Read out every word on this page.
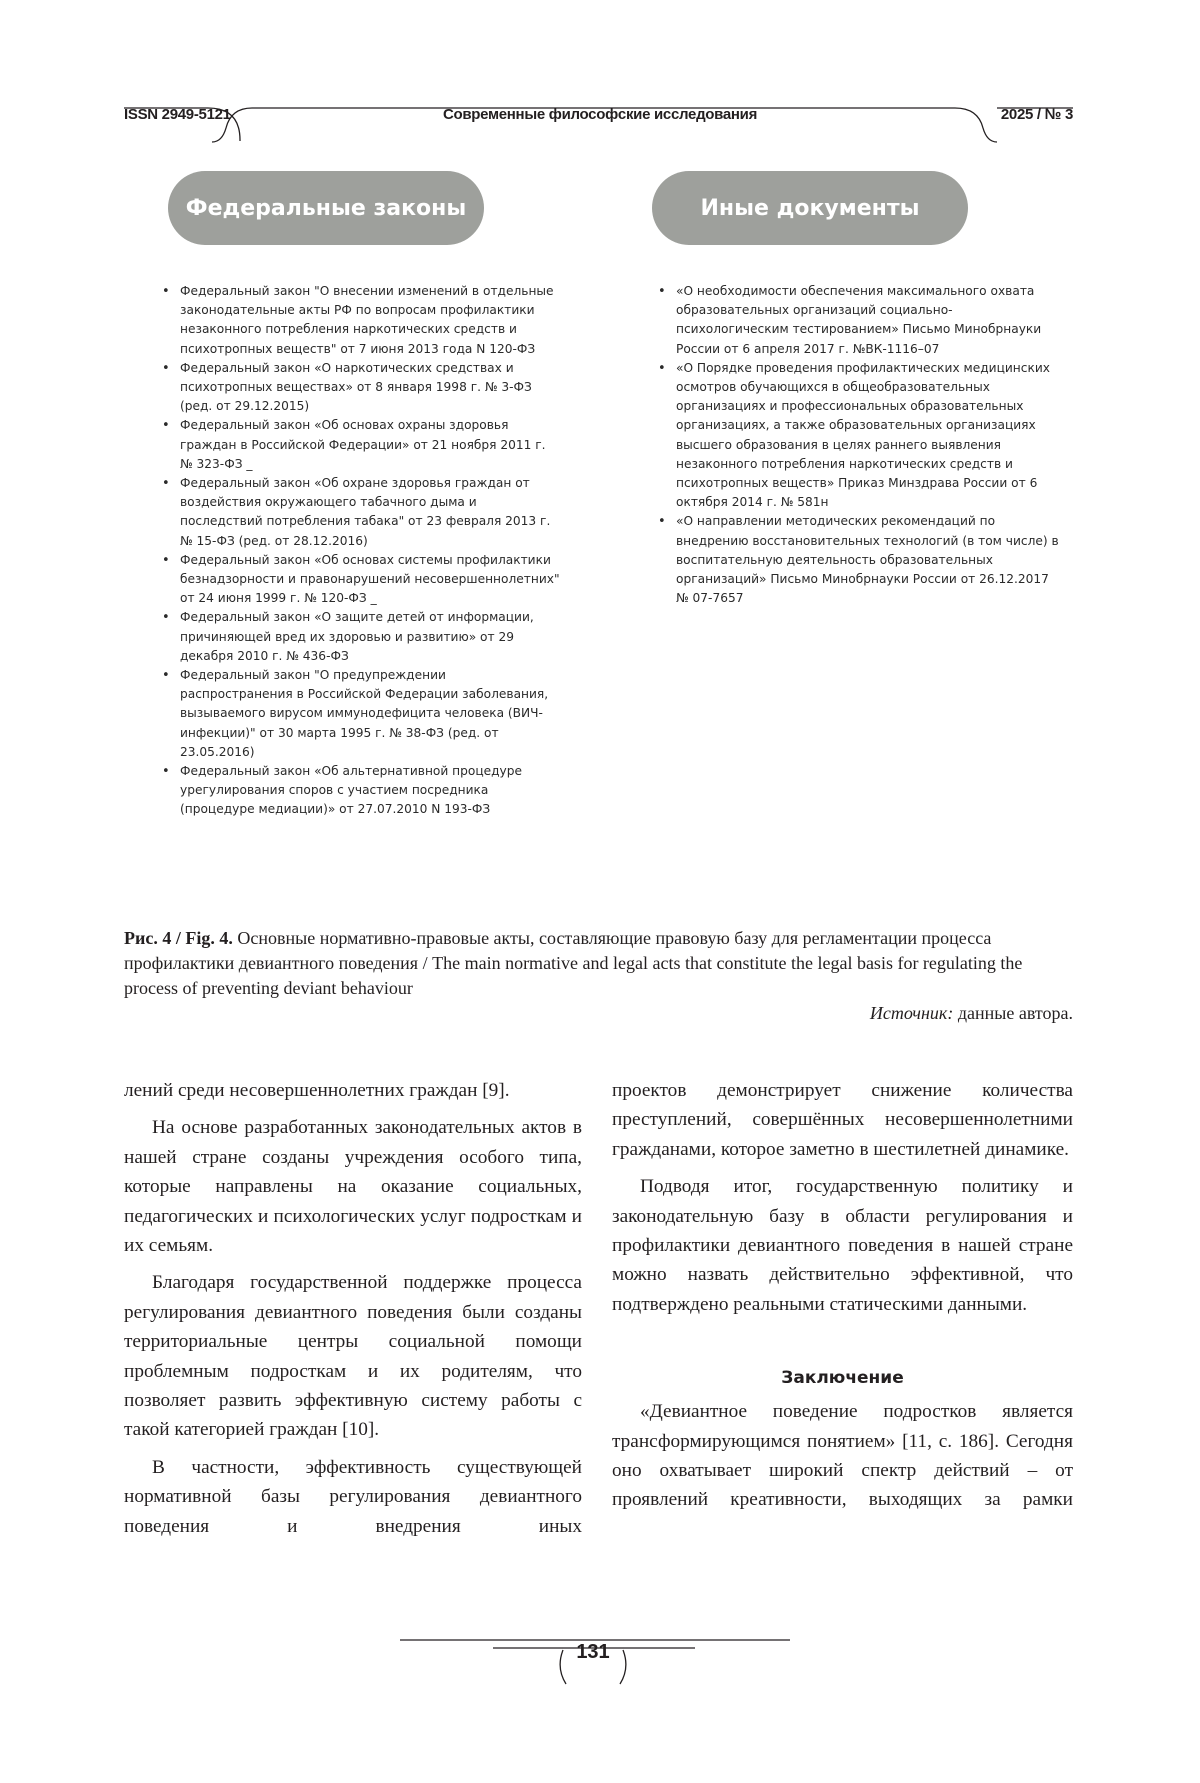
ISSN 2949-5121	Современные философские исследования	2025 / № 3
Федеральные законы	Иные документы
• Федеральный закон "О внесении изменений в отдельные законодательные акты РФ по вопросам профилактики незаконного потребления наркотических средств и психотропных веществ" от 7 июня 2013 года N 120-ФЗ
• Федеральный закон «О наркотических средствах и психотропных веществах» от 8 января 1998 г. № 3-ФЗ (ред. от 29.12.2015)
• Федеральный закон «Об основах охраны здоровья граждан в Российской Федерации» от 21 ноября 2011 г. № 323-ФЗ _
• Федеральный закон «Об охране здоровья граждан от воздействия окружающего табачного дыма и последствий потребления табака" от 23 февраля 2013 г. № 15-ФЗ (ред. от 28.12.2016)
• Федеральный закон «Об основах системы профилактики безнадзорности и правонарушений несовершеннолетних" от 24 июня 1999 г. № 120-ФЗ _
• Федеральный закон «О защите детей от информации, причиняющей вред их здоровью и развитию» от 29 декабря 2010 г. № 436-ФЗ
• Федеральный закон "О предупреждении распространения в Российской Федерации заболевания, вызываемого вирусом иммунодефицита человека (ВИЧ-инфекции)" от 30 марта 1995 г. № 38-ФЗ (ред. от 23.05.2016)
• Федеральный закон «Об альтернативной процедуре урегулирования споров с участием посредника (процедуре медиации)» от 27.07.2010 N 193-ФЗ
• «О необходимости обеспечения максимального охвата образовательных организаций социально-психологическим тестированием» Письмо Минобрнауки России от 6 апреля 2017 г. №ВК-1116–07
• «О Порядке проведения профилактических медицинских осмотров обучающихся в общеобразовательных организациях и профессиональных образовательных организациях, а также образовательных организациях высшего образования в целях раннего выявления незаконного потребления наркотических средств и психотропных веществ» Приказ Минздрава России от 6 октября 2014 г. № 581н
• «О направлении методических рекомендаций по внедрению восстановительных технологий (в том числе) в воспитательную деятельность образовательных организаций» Письмо Минобрнауки России от 26.12.2017 № 07-7657
Рис. 4 / Fig. 4. Основные нормативно-правовые акты, составляющие правовую базу для регламентации процесса профилактики девиантного поведения / The main normative and legal acts that constitute the legal basis for regulating the process of preventing deviant behaviour
Источник: данные автора.

лений среди несовершеннолетних граждан [9].

На основе разработанных законодательных актов в нашей стране созданы учреждения особого типа, которые направлены на оказание социальных, педагогических и психологических услуг подросткам и их семьям.

Благодаря государственной поддержке процесса регулирования девиантного поведения были созданы территориальные центры социальной помощи проблемным подросткам и их родителям, что позволяет развить эффективную систему работы с такой категорией граждан [10].

В частности, эффективность существующей нормативной базы регулирования девиантного поведения и внедрения иных

проектов демонстрирует снижение количества преступлений, совершённых несовершеннолетними гражданами, которое заметно в шестилетней динамике.

Подводя итог, государственную политику и законодательную базу в области регулирования и профилактики девиантного поведения в нашей стране можно назвать действительно эффективной, что подтверждено реальными статическими данными.

Заключение

«Девиантное поведение подростков является трансформирующимся понятием» [11, с. 186]. Сегодня оно охватывает широкий спектр действий – от проявлений креативности, выходящих за рамки

131
